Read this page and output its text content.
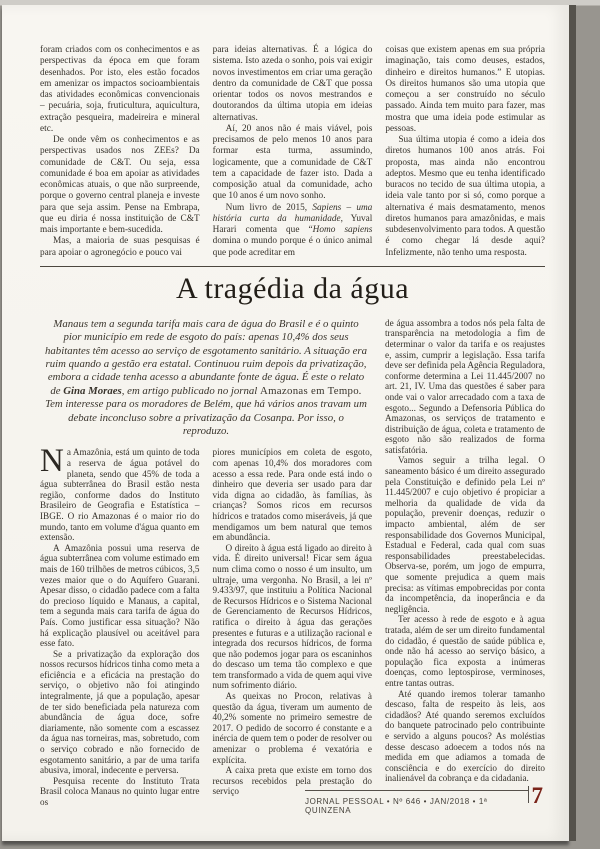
foram criados com os conhecimentos e as perspectivas da época em que foram desenhados. Por isto, eles estão focados em amenizar os impactos socioambientais das atividades econômicas convencionais – pecuária, soja, fruticultura, aquicultura, extração pesqueira, madeireira e mineral etc.

De onde vêm os conhecimentos e as perspectivas usados nos ZEEs? Da comunidade de C&T. Ou seja, essa comunidade é boa em apoiar as atividades econômicas atuais, o que não surpreende, porque o governo central planeja e investe para que seja assim. Pense na Embrapa, que eu diria é nossa instituição de C&T mais importante e bem-sucedida.

Mas, a maioria de suas pesquisas é para apoiar o agronegócio e pouco vai

para ideias alternativas. É a lógica do sistema. Isto azeda o sonho, pois vai exigir novos investimentos em criar uma geração dentro da comunidade de C&T que possa orientar todos os novos mestrandos e doutorandos da última utopia em ideias alternativas.

Aí, 20 anos não é mais viável, pois precisamos de pelo menos 10 anos para formar esta turma, assumindo, logicamente, que a comunidade de C&T tem a capacidade de fazer isto. Dada a composição atual da comunidade, acho que 10 anos é um novo sonho.

Num livro de 2015, Sapiens – uma história curta da humanidade, Yuval Harari comenta que “Homo sapiens domina o mundo porque é o único animal que pode acreditar em

coisas que existem apenas em sua própria imaginação, tais como deuses, estados, dinheiro e direitos humanos.” E utopias. Os direitos humanos são uma utopia que começou a ser construído no século passado. Ainda tem muito para fazer, mas mostra que uma ideia pode estimular as pessoas.

Sua última utopia é como a ideia dos diretos humanos 100 anos atrás. Foi proposta, mas ainda não encontrou adeptos. Mesmo que eu tenha identificado buracos no tecido de sua última utopia, a ideia vale tanto por si só, como porque a alternativa é mais desmatamento, menos diretos humanos para amazônidas, e mais subdesenvolvimento para todos. A questão é como chegar lá desde aqui? Infelizmente, não tenho uma resposta.

A tragédia da água
Manaus tem a segunda tarifa mais cara de água do Brasil e é o quinto pior município em rede de esgoto do país: apenas 10,4% dos seus habitantes têm acesso ao serviço de esgotamento sanitário. A situação era ruim quando a gestão era estatal. Continuou ruim depois da privatização, embora a cidade tenha acesso a abundante fonte de água. É este o relato de Gina Moraes, em artigo publicado no jornal Amazonas em Tempo. Tem interesse para os moradores de Belém, que há vários anos travam um debate inconcluso sobre a privatização da Cosanpa. Por isso, o reproduzo.

Na Amazônia, está um quinto de toda a reserva de água potável do planeta, sendo que 45% de toda a água subterrânea do Brasil estão nesta região, conforme dados do Instituto Brasileiro de Geografia e Estatística – IBGE. O rio Amazonas é o maior rio do mundo, tanto em volume d'água quanto em extensão.

A Amazônia possui uma reserva de água subterrânea com volume estimado em mais de 160 trilhões de metros cúbicos, 3,5 vezes maior que o do Aquífero Guarani. Apesar disso, o cidadão padece com a falta do precioso líquido e Manaus, a capital, tem a segunda mais cara tarifa de água do País. Como justificar essa situação? Não há explicação plausível ou aceitável para esse fato.

Se a privatização da exploração dos nossos recursos hídricos tinha como meta a eficiência e a eficácia na prestação do serviço, o objetivo não foi atingindo integralmente, já que a população, apesar de ter sido beneficiada pela natureza com abundância de água doce, sofre diariamente, não somente com a escassez da água nas torneiras, mas, sobretudo, com o serviço cobrado e não fornecido de esgotamento sanitário, a par de uma tarifa abusiva, imoral, indecente e perversa.

Pesquisa recente do Instituto Trata Brasil coloca Manaus no quinto lugar entre os

piores municípios em coleta de esgoto, com apenas 10,4% dos moradores com acesso a essa rede. Para onde está indo o dinheiro que deveria ser usado para dar vida digna ao cidadão, às famílias, às crianças? Somos ricos em recursos hídricos e tratados como miseráveis, já que mendigamos um bem natural que temos em abundância.

O direito à água está ligado ao direito à vida. É direito universal! Ficar sem água num clima como o nosso é um insulto, um ultraje, uma vergonha. No Brasil, a lei nº 9.433/97, que instituiu a Política Nacional de Recursos Hídricos e o Sistema Nacional de Gerenciamento de Recursos Hídricos, ratifica o direito à água das gerações presentes e futuras e a utilização racional e integrada dos recursos hídricos, de forma que não podemos jogar para os escaninhos do descaso um tema tão complexo e que tem transformado a vida de quem aqui vive num sofrimento diário.

As queixas no Procon, relativas à questão da água, tiveram um aumento de 40,2% somente no primeiro semestre de 2017. O pedido de socorro é constante e a inércia de quem tem o poder de resolver ou amenizar o problema é vexatória e explícita.

A caixa preta que existe em torno dos recursos recebidos pela prestação do serviço

de água assombra a todos nós pela falta de transparência na metodologia a fim de determinar o valor da tarifa e os reajustes e, assim, cumprir a legislação. Essa tarifa deve ser definida pela Agência Reguladora, conforme determina a Lei 11.445/2007 no art. 21, IV. Uma das questões é saber para onde vai o valor arrecadado com a taxa de esgoto... Segundo a Defensoria Pública do Amazonas, os serviços de tratamento e distribuição de água, coleta e tratamento de esgoto não são realizados de forma satisfatória.

Vamos seguir a trilha legal. O saneamento básico é um direito assegurado pela Constituição e definido pela Lei nº 11.445/2007 e cujo objetivo é propiciar a melhoria da qualidade de vida da população, prevenir doenças, reduzir o impacto ambiental, além de ser responsabilidade dos Governos Municipal, Estadual e Federal, cada qual com suas responsabilidades preestabelecidas. Observa-se, porém, um jogo de empurra, que somente prejudica a quem mais precisa: as vítimas empobrecidas por conta da incompetência, da inoperância e da negligência.

Ter acesso à rede de esgoto e à agua tratada, além de ser um direito fundamental do cidadão, é questão de saúde pública e, onde não há acesso ao serviço básico, a população fica exposta a inúmeras doenças, como leptospirose, verminoses, entre tantas outras.

Até quando iremos tolerar tamanho descaso, falta de respeito às leis, aos cidadãos? Até quando seremos excluídos do banquete patrocinado pelo contribuinte e servido a alguns poucos? As moléstias desse descaso adoecem a todos nós na medida em que adiamos a tomada de consciência e do exercício do direito inalienável da cobrança e da cidadania.

JORNAL PESSOAL • Nº 646 • JAN/2018 • 1ª QUINZENA
7
